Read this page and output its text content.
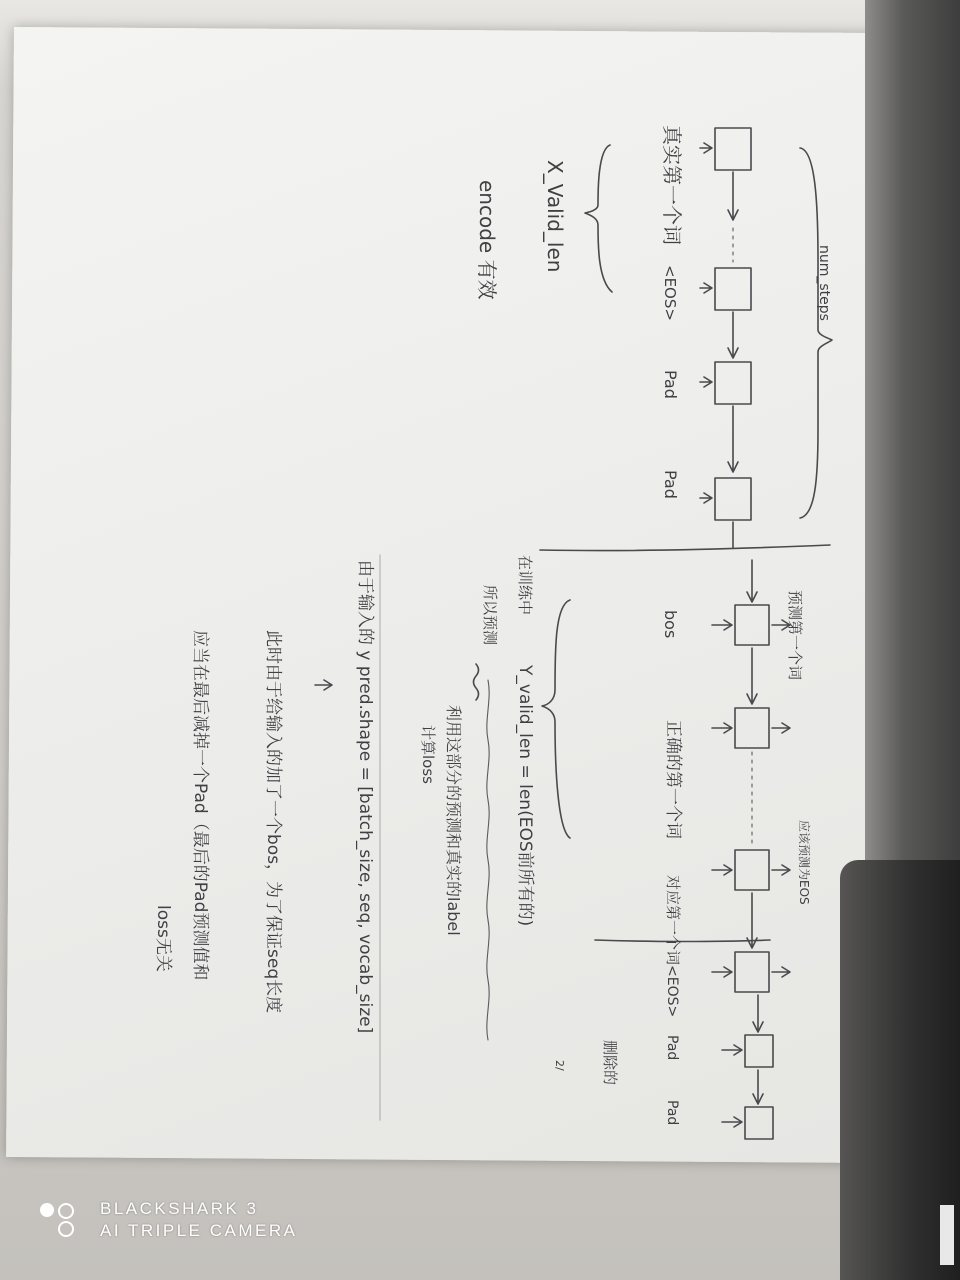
num_steps
真实第一个词
<EOS>
Pad
Pad
X_Valid_len
encode 有效
预测第一个词
应该预测为EOS
bos
正确的第一个词
对应第一个词
<EOS>
Pad
Pad
删除的
2/
在训练中
Y_valid_len = len(EOS前所有的)
所以预测
利用这部分的预测和真实的label
计算loss
由于输入的 y pred.shape = [batch_size, seq, vocab_size]
此时由于给输入的加了一个bos，为了保证seq长度
应当在最后减掉一个Pad（最后的Pad预测值和
loss无关
BLACKSHARK 3
AI TRIPLE CAMERA
